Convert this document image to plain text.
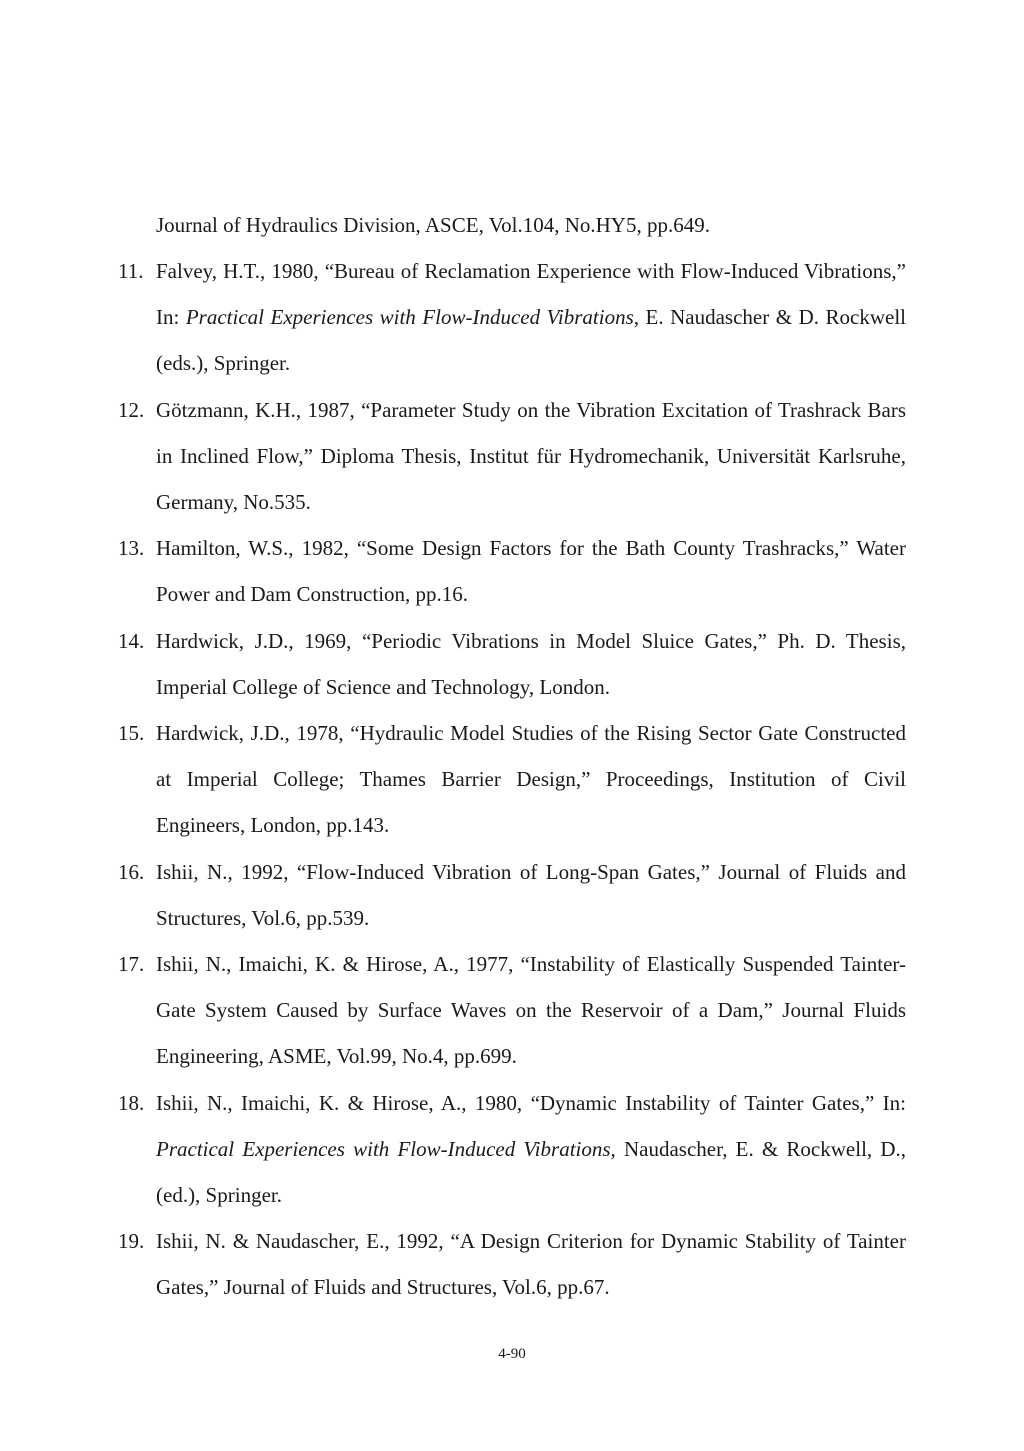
Journal of Hydraulics Division, ASCE, Vol.104, No.HY5, pp.649.
11. Falvey, H.T., 1980, “Bureau of Reclamation Experience with Flow-Induced Vibrations,” In: Practical Experiences with Flow-Induced Vibrations, E. Naudascher & D. Rockwell (eds.), Springer.
12. Götzmann, K.H., 1987, “Parameter Study on the Vibration Excitation of Trashrack Bars in Inclined Flow,” Diploma Thesis, Institut für Hydromechanik, Universität Karlsruhe, Germany, No.535.
13. Hamilton, W.S., 1982, “Some Design Factors for the Bath County Trashracks,” Water Power and Dam Construction, pp.16.
14. Hardwick, J.D., 1969, “Periodic Vibrations in Model Sluice Gates,” Ph. D. Thesis, Imperial College of Science and Technology, London.
15. Hardwick, J.D., 1978, “Hydraulic Model Studies of the Rising Sector Gate Constructed at Imperial College; Thames Barrier Design,” Proceedings, Institution of Civil Engineers, London, pp.143.
16. Ishii, N., 1992, “Flow-Induced Vibration of Long-Span Gates,” Journal of Fluids and Structures, Vol.6, pp.539.
17. Ishii, N., Imaichi, K. & Hirose, A., 1977, “Instability of Elastically Suspended Tainter-Gate System Caused by Surface Waves on the Reservoir of a Dam,” Journal Fluids Engineering, ASME, Vol.99, No.4, pp.699.
18. Ishii, N., Imaichi, K. & Hirose, A., 1980, “Dynamic Instability of Tainter Gates,” In: Practical Experiences with Flow-Induced Vibrations, Naudascher, E. & Rockwell, D., (ed.), Springer.
19. Ishii, N. & Naudascher, E., 1992, “A Design Criterion for Dynamic Stability of Tainter Gates,” Journal of Fluids and Structures, Vol.6, pp.67.
4-90
